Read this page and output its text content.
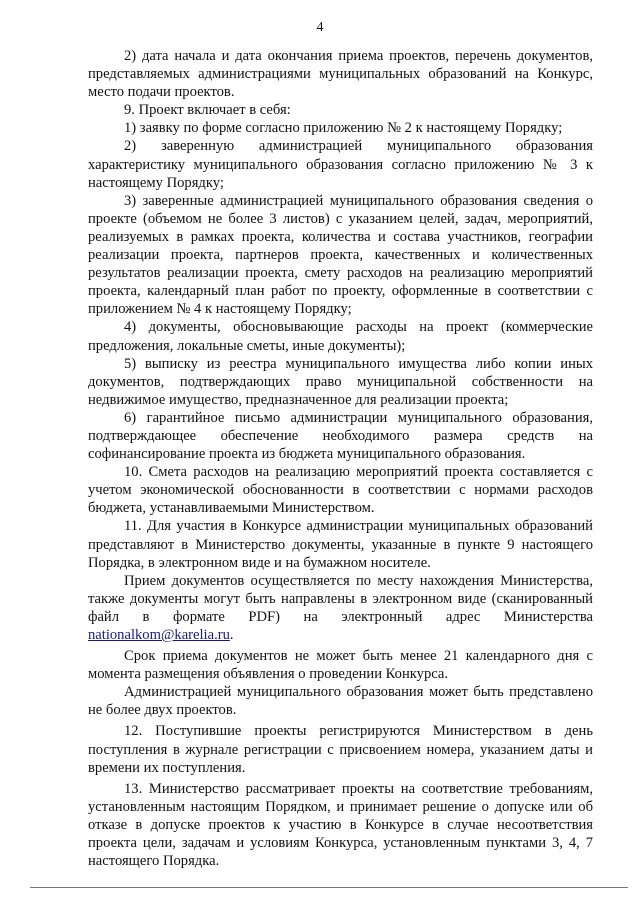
4

2) дата начала и дата окончания приема проектов, перечень документов, представляемых администрациями муниципальных образований на Конкурс, место подачи проектов.

9. Проект включает в себя:

1) заявку по форме согласно приложению № 2 к настоящему Порядку;

2) заверенную администрацией муниципального образования характеристику муниципального образования согласно приложению № 3 к настоящему Порядку;

3) заверенные администрацией муниципального образования сведения о проекте (объемом не более 3 листов) с указанием целей, задач, мероприятий, реализуемых в рамках проекта, количества и состава участников, географии реализации проекта, партнеров проекта, качественных и количественных результатов реализации проекта, смету расходов на реализацию мероприятий проекта, календарный план работ по проекту, оформленные в соответствии с приложением № 4 к настоящему Порядку;

4) документы, обосновывающие расходы на проект (коммерческие предложения, локальные сметы, иные документы);

5) выписку из реестра муниципального имущества либо копии иных документов, подтверждающих право муниципальной собственности на недвижимое имущество, предназначенное для реализации проекта;

6) гарантийное письмо администрации муниципального образования, подтверждающее обеспечение необходимого размера средств на софинансирование проекта из бюджета муниципального образования.

10. Смета расходов на реализацию мероприятий проекта составляется с учетом экономической обоснованности в соответствии с нормами расходов бюджета, устанавливаемыми Министерством.

11. Для участия в Конкурсе администрации муниципальных образований представляют в Министерство документы, указанные в пункте 9 настоящего Порядка, в электронном виде и на бумажном носителе.

Прием документов осуществляется по месту нахождения Министерства, также документы могут быть направлены в электронном виде (сканированный файл в формате PDF) на электронный адрес Министерства nationalkom@karelia.ru.

Срок приема документов не может быть менее 21 календарного дня с момента размещения объявления о проведении Конкурса.

Администрацией муниципального образования может быть представлено не более двух проектов.

12. Поступившие проекты регистрируются Министерством в день поступления в журнале регистрации с присвоением номера, указанием даты и времени их поступления.

13. Министерство рассматривает проекты на соответствие требованиям, установленным настоящим Порядком, и принимает решение о допуске или об отказе в допуске проектов к участию в Конкурсе в случае несоответствия проекта цели, задачам и условиям Конкурса, установленным пунктами 3, 4, 7 настоящего Порядка.
